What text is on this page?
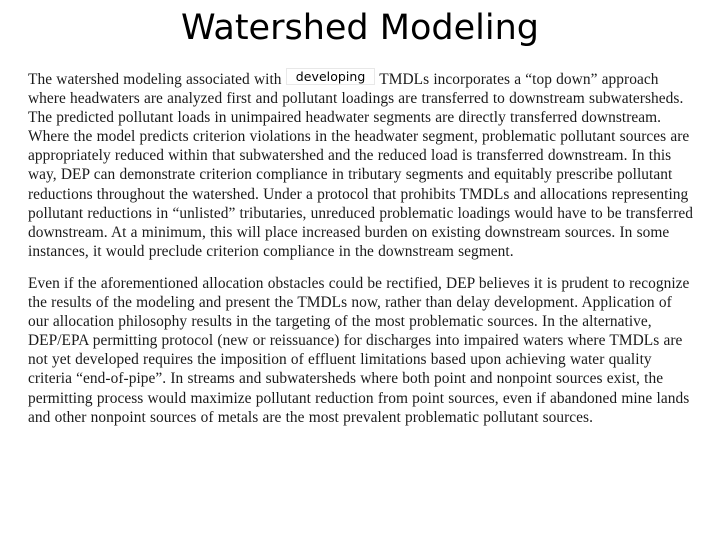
Watershed Modeling

The watershed modeling associated with developing TMDLs incorporates a “top down” approach where headwaters are analyzed first and pollutant loadings are transferred to downstream subwatersheds. The predicted pollutant loads in unimpaired headwater segments are directly transferred downstream. Where the model predicts criterion violations in the headwater segment, problematic pollutant sources are appropriately reduced within that subwatershed and the reduced load is transferred downstream. In this way, DEP can demonstrate criterion compliance in tributary segments and equitably prescribe pollutant reductions throughout the watershed. Under a protocol that prohibits TMDLs and allocations representing pollutant reductions in “unlisted” tributaries, unreduced problematic loadings would have to be transferred downstream. At a minimum, this will place increased burden on existing downstream sources. In some instances, it would preclude criterion compliance in the downstream segment.

Even if the aforementioned allocation obstacles could be rectified, DEP believes it is prudent to recognize the results of the modeling and present the TMDLs now, rather than delay development. Application of our allocation philosophy results in the targeting of the most problematic sources. In the alternative, DEP/EPA permitting protocol (new or reissuance) for discharges into impaired waters where TMDLs are not yet developed requires the imposition of effluent limitations based upon achieving water quality criteria “end-of-pipe”. In streams and subwatersheds where both point and nonpoint sources exist, the permitting process would maximize pollutant reduction from point sources, even if abandoned mine lands and other nonpoint sources of metals are the most prevalent problematic pollutant sources.
